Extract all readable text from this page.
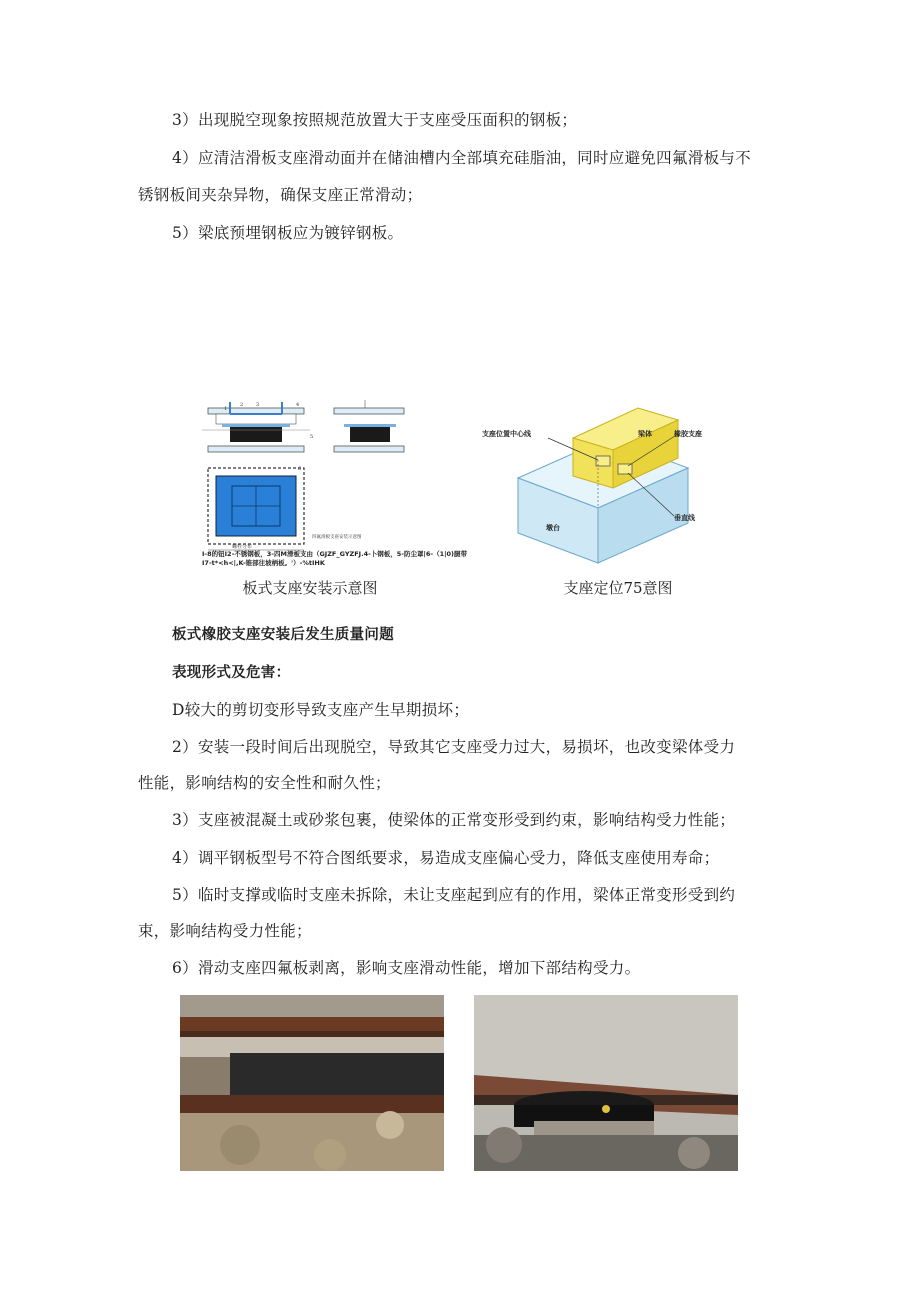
3）出现脱空现象按照规范放置大于支座受压面积的钢板；
4）应清洁滑板支座滑动面并在储油槽内全部填充硅脂油，同时应避免四氟滑板与不
锈钢板间夹杂异物，确保支座正常滑动；
5）梁底预埋钢板应为镀锌钢板。
1
2	3	4
5
6
螺栓分布
四氟滑板支座安装示意图
I-8的钮I2-不锈钢板，3-四M滑板支由（GJZF_GYZFJ.4-卜钢板，5-防尘罩|6-（1|0)腿带
I7-t*<h<|,K-锥部往坡柄板。'）-%tIHK
板式支座安装示意图
支座位置中心线	梁体	橡胶支座
垂直线
墩台
支座定位75意图
板式橡胶支座安装后发生质量问题
表现形式及危害：
D较大的剪切变形导致支座产生早期损坏；
2）安装一段时间后出现脱空，导致其它支座受力过大，易损坏，也改变梁体受力
性能，影响结构的安全性和耐久性；
3）支座被混凝土或砂浆包裹，使梁体的正常变形受到约束，影响结构受力性能；
4）调平钢板型号不符合图纸要求，易造成支座偏心受力，降低支座使用寿命；
5）临时支撑或临时支座未拆除，未让支座起到应有的作用，梁体正常变形受到约
束，影响结构受力性能；
6）滑动支座四氟板剥离，影响支座滑动性能，增加下部结构受力。
